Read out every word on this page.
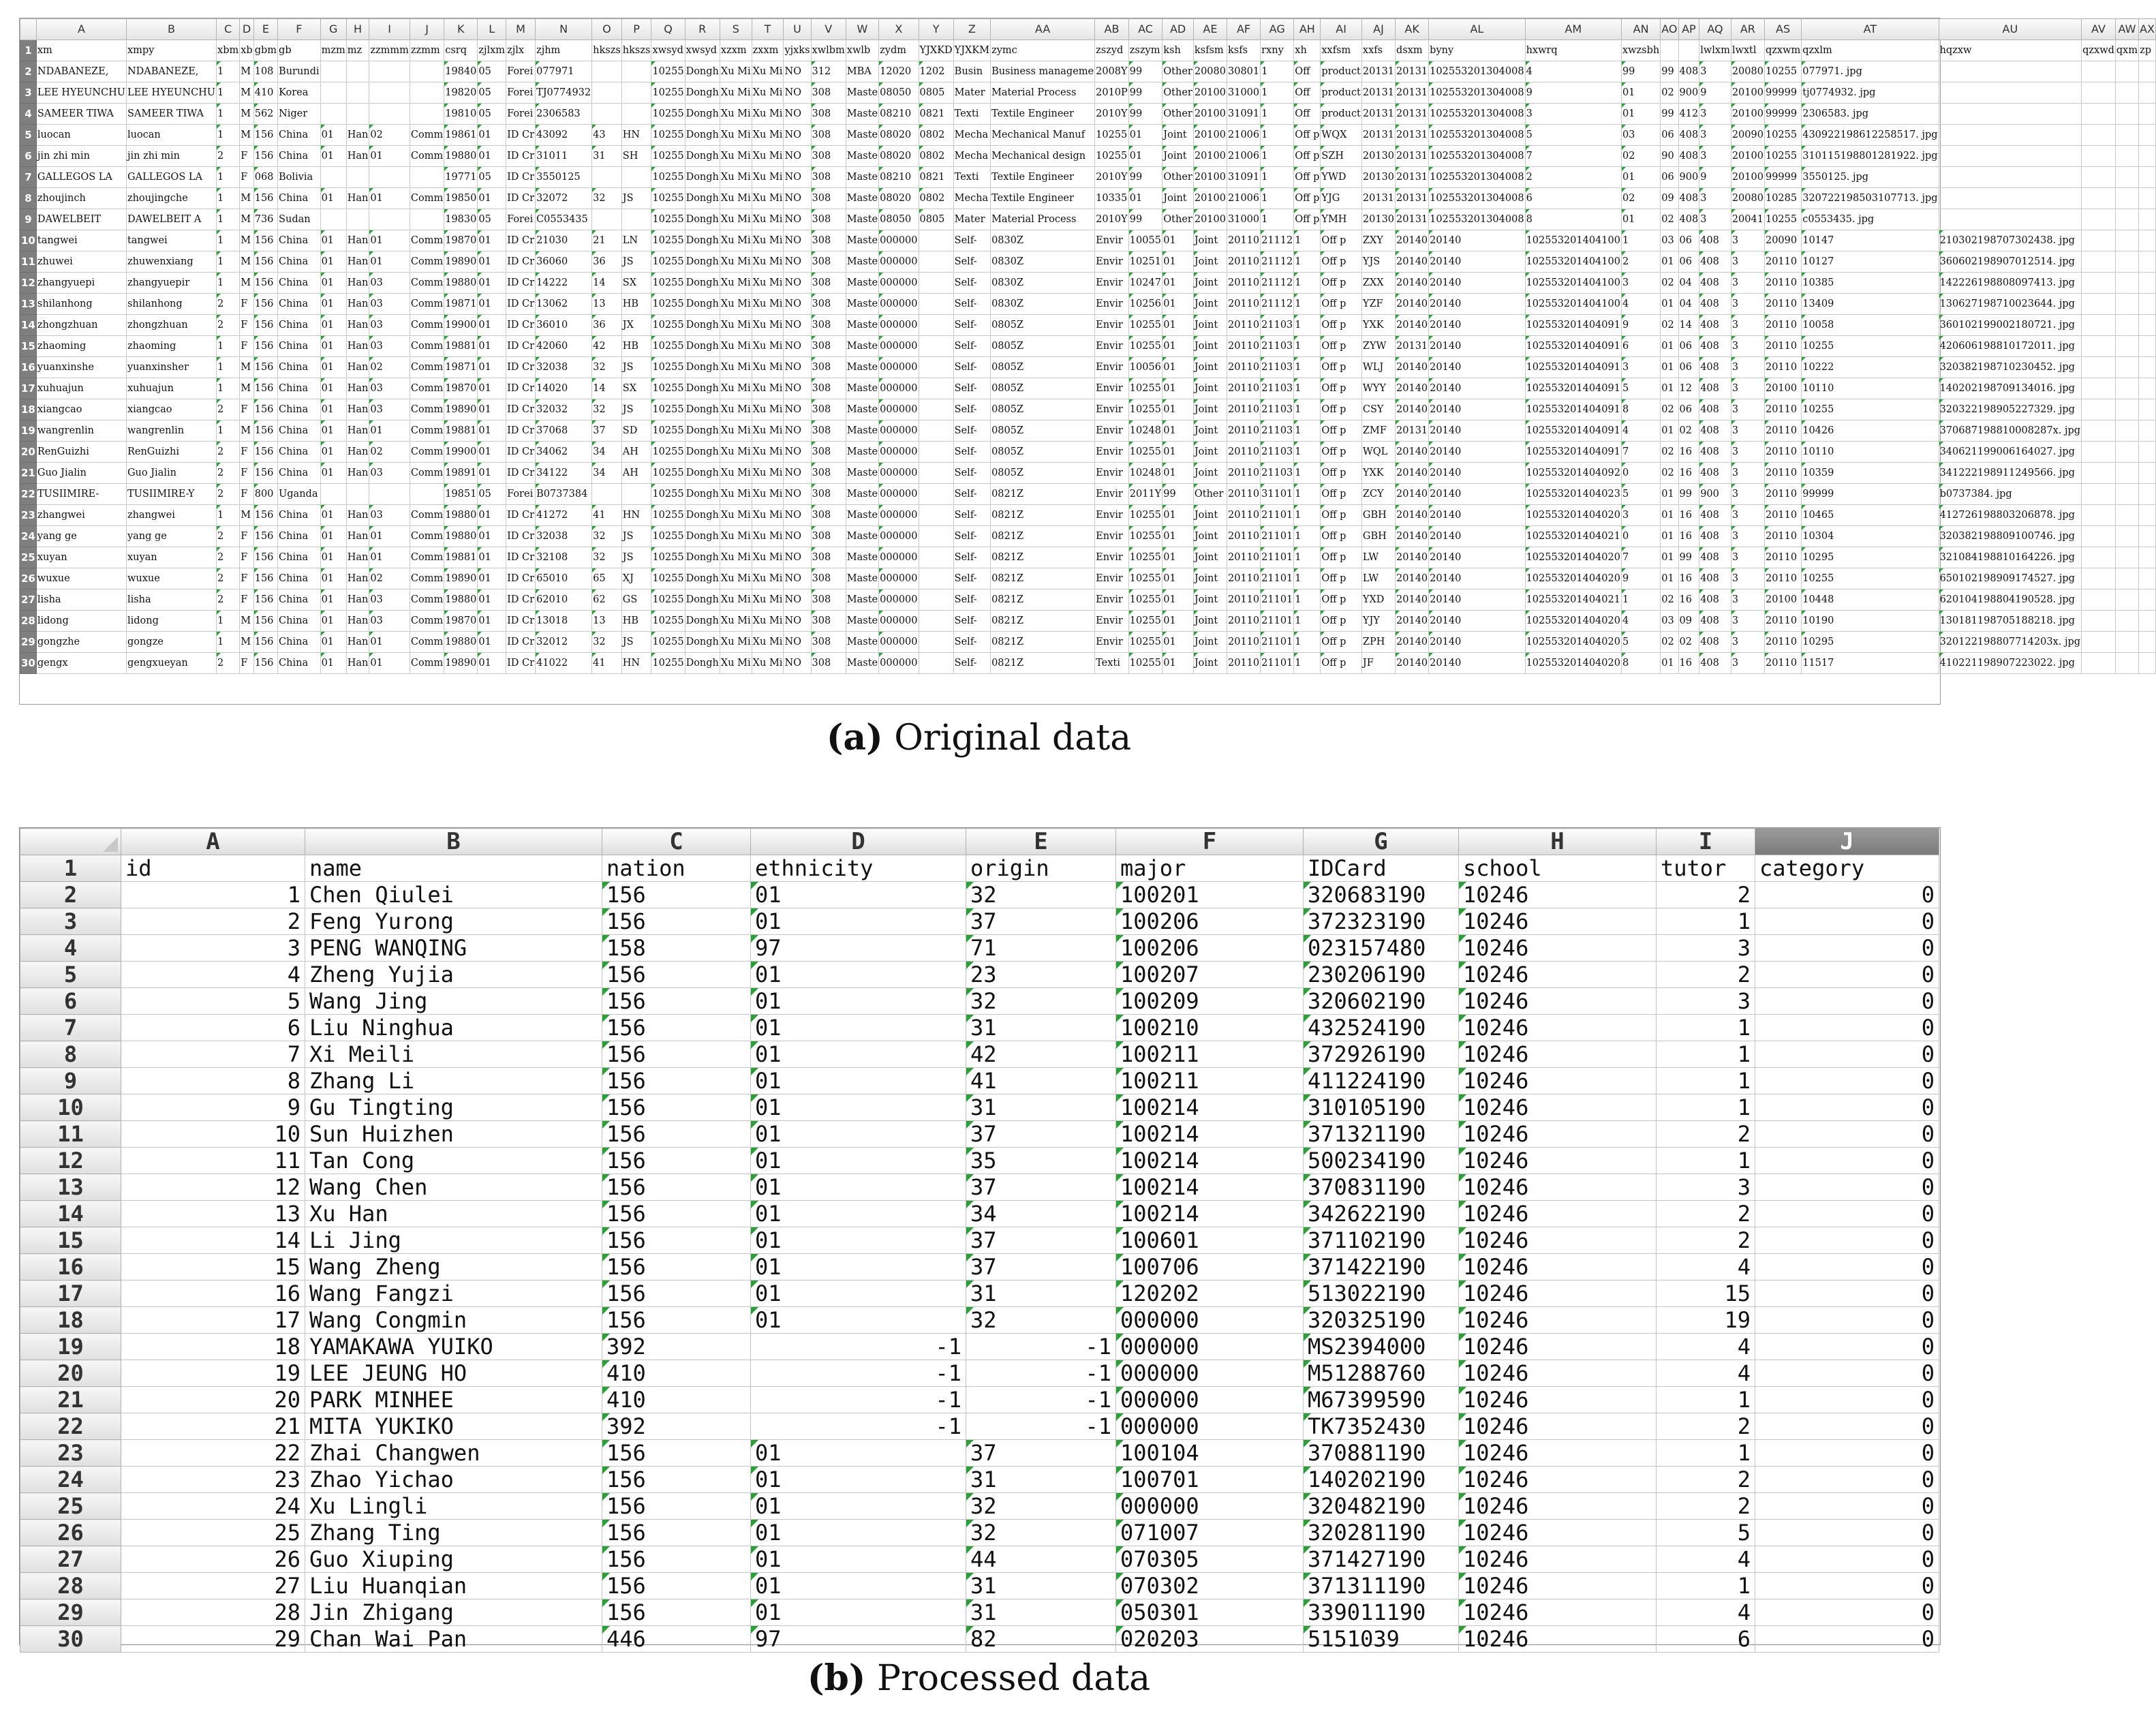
	A	B	C	D	E	F	G	H	I	J	K	L	M	N	O	P	Q	R	S	T	U	V	W	X	Y	Z	AA	AB	AC	AD	AE	AF	AG	AH	AI	AJ	AK	AL	AM	AN	AO	AP	AQ	AR	AS	AT	AU	AV	AW	AX
1	xm	xmpy	xbm	xb	gbm	gb	mzm	mz	zzmmm	zzmm	csrq	zjlxm	zjlx	zjhm	hkszs	hkszs	xwsyd	xwsyd	xzxm	zxxm	yjxks	xwlbm	xwlb	zydm	YJXKD	YJXKM	zymc	zszyd	zszym	ksh	ksfsm	ksfs	rxny	xh	xxfsm	xxfs	dsxm	byny	hxwrq	xwzsbh			lwlxm	lwxtl	qzxwm	qzxlm	hqzxw	qzxwd	qxm	zp
2	NDABANEZE,	NDABANEZE,	1	M	108	Burundi					19840	05	Forei	077971			10255	Dongh	Xu Mi	Xu Mi	NO	312	MBA	12020	1202	Busin	Business manageme	2008Y	99	Other	20080	30801	1	Off	product	20131	20131	102553201304008	4	99	99	408	3	20080	10255	077971. jpg				
3	LEE HYEUNCHU	LEE HYEUNCHU	1	M	410	Korea					19820	05	Forei	TJ0774932			10255	Dongh	Xu Mi	Xu Mi	NO	308	Maste	08050	0805	Mater	Material Process	2010P	99	Other	20100	31000	1	Off	product	20131	20131	102553201304008	9	01	02	900	9	20100	99999	tj0774932. jpg				
4	SAMEER TIWA	SAMEER TIWA	1	M	562	Niger					19810	05	Forei	2306583			10255	Dongh	Xu Mi	Xu Mi	NO	308	Maste	08210	0821	Texti	Textile Engineer	2010Y	99	Other	20100	31091	1	Off	product	20131	20131	102553201304008	3	01	99	412	3	20100	99999	2306583. jpg				
5	luocan	luocan	1	M	156	China	01	Han	02	Comm	19861	01	ID Cr	43092	43	HN	10255	Dongh	Xu Mi	Xu Mi	NO	308	Maste	08020	0802	Mecha	Mechanical Manuf	10255	01	Joint	20100	21006	1	Off p	WQX	20131	20131	102553201304008	5	03	06	408	3	20090	10255	430922198612258517. jpg				
6	jin zhi min	jin zhi min	2	F	156	China	01	Han	01	Comm	19880	01	ID Cr	31011	31	SH	10255	Dongh	Xu Mi	Xu Mi	NO	308	Maste	08020	0802	Mecha	Mechanical design	10255	01	Joint	20100	21006	1	Off p	SZH	20130	20131	102553201304008	7	02	90	408	3	20100	10255	310115198801281922. jpg				
7	GALLEGOS LA	GALLEGOS LA	1	F	068	Bolivia					19771	05	ID Cr	3550125			10255	Dongh	Xu Mi	Xu Mi	NO	308	Maste	08210	0821	Texti	Textile Engineer	2010Y	99	Other	20100	31091	1	Off p	YWD	20130	20131	102553201304008	2	01	06	900	9	20100	99999	3550125. jpg				
8	zhoujinch	zhoujingche	1	M	156	China	01	Han	01	Comm	19850	01	ID Cr	32072	32	JS	10255	Dongh	Xu Mi	Xu Mi	NO	308	Maste	08020	0802	Mecha	Textile Engineer	10335	01	Joint	20100	21006	1	Off p	YJG	20131	20131	102553201304008	6	02	09	408	3	20080	10285	320722198503107713. jpg				
9	DAWELBEIT	DAWELBEIT A	1	M	736	Sudan					19830	05	Forei	C0553435			10255	Dongh	Xu Mi	Xu Mi	NO	308	Maste	08050	0805	Mater	Material Process	2010Y	99	Other	20100	31000	1	Off p	YMH	20130	20131	102553201304008	8	01	02	408	3	20041	10255	c0553435. jpg				
10	tangwei	tangwei	1	M	156	China	01	Han	01	Comm	19870	01	ID Cr	21030	21	LN	10255	Dongh	Xu Mi	Xu Mi	NO	308	Maste	000000		Self-	0830Z	Envir	10055	01	Joint	20110	21112	1	Off p	ZXY	20140	20140	102553201404100	1	03	06	408	3	20090	10147	210302198707302438. jpg			
11	zhuwei	zhuwenxiang	1	M	156	China	01	Han	01	Comm	19890	01	ID Cr	36060	36	JS	10255	Dongh	Xu Mi	Xu Mi	NO	308	Maste	000000		Self-	0830Z	Envir	10251	01	Joint	20110	21112	1	Off p	YJS	20140	20140	102553201404100	2	01	06	408	3	20110	10127	360602198907012514. jpg			
12	zhangyuepi	zhangyuepir	1	M	156	China	01	Han	03	Comm	19880	01	ID Cr	14222	14	SX	10255	Dongh	Xu Mi	Xu Mi	NO	308	Maste	000000		Self-	0830Z	Envir	10247	01	Joint	20110	21112	1	Off p	ZXX	20140	20140	102553201404100	3	02	04	408	3	20110	10385	142226198808097413. jpg			
13	shilanhong	shilanhong	2	F	156	China	01	Han	03	Comm	19871	01	ID Cr	13062	13	HB	10255	Dongh	Xu Mi	Xu Mi	NO	308	Maste	000000		Self-	0830Z	Envir	10256	01	Joint	20110	21112	1	Off p	YZF	20140	20140	102553201404100	4	01	04	408	3	20110	13409	130627198710023644. jpg			
14	zhongzhuan	zhongzhuan	2	F	156	China	01	Han	03	Comm	19900	01	ID Cr	36010	36	JX	10255	Dongh	Xu Mi	Xu Mi	NO	308	Maste	000000		Self-	0805Z	Envir	10255	01	Joint	20110	21103	1	Off p	YXK	20140	20140	102553201404091	9	02	14	408	3	20110	10058	360102199002180721. jpg			
15	zhaoming	zhaoming	1	F	156	China	01	Han	03	Comm	19881	01	ID Cr	42060	42	HB	10255	Dongh	Xu Mi	Xu Mi	NO	308	Maste	000000		Self-	0805Z	Envir	10255	01	Joint	20110	21103	1	Off p	ZYW	20131	20140	102553201404091	6	01	06	408	3	20110	10255	420606198810172011. jpg			
16	yuanxinshe	yuanxinsher	1	M	156	China	01	Han	02	Comm	19871	01	ID Cr	32038	32	JS	10255	Dongh	Xu Mi	Xu Mi	NO	308	Maste	000000		Self-	0805Z	Envir	10056	01	Joint	20110	21103	1	Off p	WLJ	20140	20140	102553201404091	3	01	06	408	3	20110	10222	320382198710230452. jpg			
17	xuhuajun	xuhuajun	1	M	156	China	01	Han	03	Comm	19870	01	ID Cr	14020	14	SX	10255	Dongh	Xu Mi	Xu Mi	NO	308	Maste	000000		Self-	0805Z	Envir	10255	01	Joint	20110	21103	1	Off p	WYY	20140	20140	102553201404091	5	01	12	408	3	20100	10110	140202198709134016. jpg			
18	xiangcao	xiangcao	2	F	156	China	01	Han	03	Comm	19890	01	ID Cr	32032	32	JS	10255	Dongh	Xu Mi	Xu Mi	NO	308	Maste	000000		Self-	0805Z	Envir	10255	01	Joint	20110	21103	1	Off p	CSY	20140	20140	102553201404091	8	02	06	408	3	20110	10255	320322198905227329. jpg			
19	wangrenlin	wangrenlin	1	M	156	China	01	Han	01	Comm	19881	01	ID Cr	37068	37	SD	10255	Dongh	Xu Mi	Xu Mi	NO	308	Maste	000000		Self-	0805Z	Envir	10248	01	Joint	20110	21103	1	Off p	ZMF	20131	20140	102553201404091	4	01	02	408	3	20110	10426	370687198810008287x. jpg			
20	RenGuizhi	RenGuizhi	2	F	156	China	01	Han	02	Comm	19900	01	ID Cr	34062	34	AH	10255	Dongh	Xu Mi	Xu Mi	NO	308	Maste	000000		Self-	0805Z	Envir	10255	01	Joint	20110	21103	1	Off p	WQL	20140	20140	102553201404091	7	02	16	408	3	20110	10110	340621199006164027. jpg			
21	Guo Jialin	Guo Jialin	2	F	156	China	01	Han	03	Comm	19891	01	ID Cr	34122	34	AH	10255	Dongh	Xu Mi	Xu Mi	NO	308	Maste	000000		Self-	0805Z	Envir	10248	01	Joint	20110	21103	1	Off p	YXK	20140	20140	102553201404092	0	02	16	408	3	20110	10359	341222198911249566. jpg			
22	TUSIIMIRE-	TUSIIMIRE-Y	2	F	800	Uganda					19851	05	Forei	B0737384			10255	Dongh	Xu Mi	Xu Mi	NO	308	Maste	000000		Self-	0821Z	Envir	2011Y	99	Other	20110	31101	1	Off p	ZCY	20140	20140	102553201404023	5	01	99	900	3	20110	99999	b0737384. jpg			
23	zhangwei	zhangwei	1	M	156	China	01	Han	03	Comm	19880	01	ID Cr	41272	41	HN	10255	Dongh	Xu Mi	Xu Mi	NO	308	Maste	000000		Self-	0821Z	Envir	10255	01	Joint	20110	21101	1	Off p	GBH	20140	20140	102553201404020	3	01	16	408	3	20110	10465	412726198803206878. jpg			
24	yang ge	yang ge	2	F	156	China	01	Han	01	Comm	19880	01	ID Cr	32038	32	JS	10255	Dongh	Xu Mi	Xu Mi	NO	308	Maste	000000		Self-	0821Z	Envir	10255	01	Joint	20110	21101	1	Off p	GBH	20140	20140	102553201404021	0	01	16	408	3	20110	10304	320382198809100746. jpg			
25	xuyan	xuyan	2	F	156	China	01	Han	01	Comm	19881	01	ID Cr	32108	32	JS	10255	Dongh	Xu Mi	Xu Mi	NO	308	Maste	000000		Self-	0821Z	Envir	10255	01	Joint	20110	21101	1	Off p	LW	20140	20140	102553201404020	7	01	99	408	3	20110	10295	321084198810164226. jpg			
26	wuxue	wuxue	2	F	156	China	01	Han	02	Comm	19890	01	ID Cr	65010	65	XJ	10255	Dongh	Xu Mi	Xu Mi	NO	308	Maste	000000		Self-	0821Z	Envir	10255	01	Joint	20110	21101	1	Off p	LW	20140	20140	102553201404020	9	01	16	408	3	20110	10255	650102198909174527. jpg			
27	lisha	lisha	2	F	156	China	01	Han	03	Comm	19880	01	ID Cr	62010	62	GS	10255	Dongh	Xu Mi	Xu Mi	NO	308	Maste	000000		Self-	0821Z	Envir	10255	01	Joint	20110	21101	1	Off p	YXD	20140	20140	102553201404021	1	02	16	408	3	20100	10448	620104198804190528. jpg			
28	lidong	lidong	1	M	156	China	01	Han	03	Comm	19870	01	ID Cr	13018	13	HB	10255	Dongh	Xu Mi	Xu Mi	NO	308	Maste	000000		Self-	0821Z	Envir	10255	01	Joint	20110	21101	1	Off p	YJY	20140	20140	102553201404020	4	03	09	408	3	20110	10190	130181198705188218. jpg			
29	gongzhe	gongze	1	M	156	China	01	Han	01	Comm	19880	01	ID Cr	32012	32	JS	10255	Dongh	Xu Mi	Xu Mi	NO	308	Maste	000000		Self-	0821Z	Envir	10255	01	Joint	20110	21101	1	Off p	ZPH	20140	20140	102553201404020	5	02	02	408	3	20110	10295	320122198807714203x. jpg			
30	gengx	gengxueyan	2	F	156	China	01	Han	01	Comm	19890	01	ID Cr	41022	41	HN	10255	Dongh	Xu Mi	Xu Mi	NO	308	Maste	000000		Self-	0821Z	Texti	10255	01	Joint	20110	21101	1	Off p	JF	20140	20140	102553201404020	8	01	16	408	3	20110	11517	410221198907223022. jpg			
(a) Original data
	A	B	C	D	E	F	G	H	I	J
1	id	name	nation	ethnicity	origin	major	IDCard	school	tutor	category
2	1	Chen Qiulei	156	01	32	100201	320683190	10246	2	0
3	2	Feng Yurong	156	01	37	100206	372323190	10246	1	0
4	3	PENG WANQING	158	97	71	100206	023157480	10246	3	0
5	4	Zheng Yujia	156	01	23	100207	230206190	10246	2	0
6	5	Wang Jing	156	01	32	100209	320602190	10246	3	0
7	6	Liu Ninghua	156	01	31	100210	432524190	10246	1	0
8	7	Xi Meili	156	01	42	100211	372926190	10246	1	0
9	8	Zhang Li	156	01	41	100211	411224190	10246	1	0
10	9	Gu Tingting	156	01	31	100214	310105190	10246	1	0
11	10	Sun Huizhen	156	01	37	100214	371321190	10246	2	0
12	11	Tan Cong	156	01	35	100214	500234190	10246	1	0
13	12	Wang Chen	156	01	37	100214	370831190	10246	3	0
14	13	Xu Han	156	01	34	100214	342622190	10246	2	0
15	14	Li Jing	156	01	37	100601	371102190	10246	2	0
16	15	Wang Zheng	156	01	37	100706	371422190	10246	4	0
17	16	Wang Fangzi	156	01	31	120202	513022190	10246	15	0
18	17	Wang Congmin	156	01	32	000000	320325190	10246	19	0
19	18	YAMAKAWA YUIKO	392	-1	-1	000000	MS2394000	10246	4	0
20	19	LEE JEUNG HO	410	-1	-1	000000	M51288760	10246	4	0
21	20	PARK MINHEE	410	-1	-1	000000	M67399590	10246	1	0
22	21	MITA YUKIKO	392	-1	-1	000000	TK7352430	10246	2	0
23	22	Zhai Changwen	156	01	37	100104	370881190	10246	1	0
24	23	Zhao Yichao	156	01	31	100701	140202190	10246	2	0
25	24	Xu Lingli	156	01	32	000000	320482190	10246	2	0
26	25	Zhang Ting	156	01	32	071007	320281190	10246	5	0
27	26	Guo Xiuping	156	01	44	070305	371427190	10246	4	0
28	27	Liu Huanqian	156	01	31	070302	371311190	10246	1	0
29	28	Jin Zhigang	156	01	31	050301	339011190	10246	4	0
30	29	Chan Wai Pan	446	97	82	020203	5151039	10246	6	0
(b) Processed data
